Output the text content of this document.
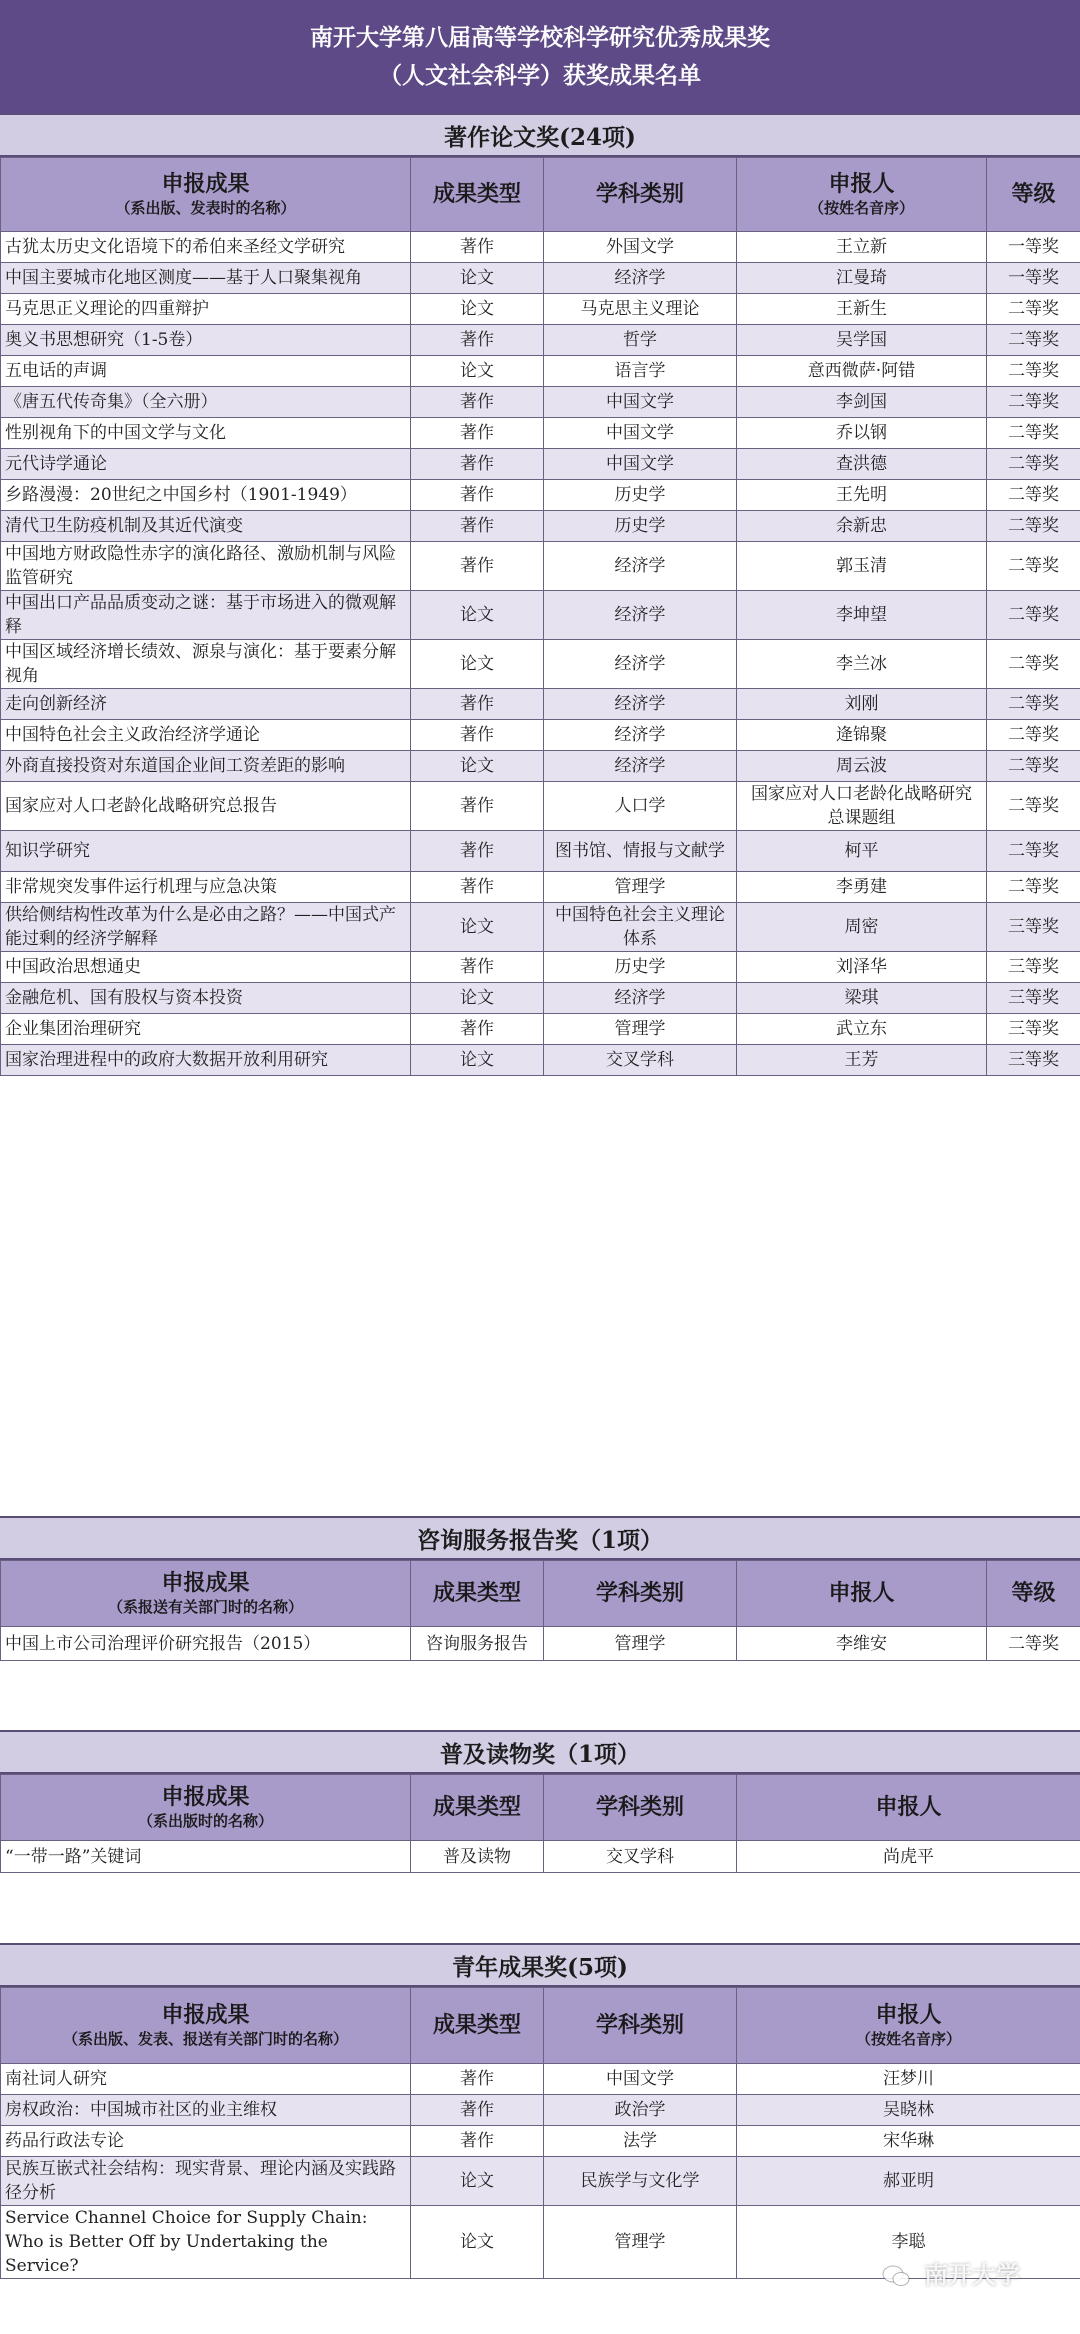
南开大学第八届高等学校科学研究优秀成果奖
（人文社会科学）获奖成果名单
著作论文奖(24项)
申报成果
（系出版、发表时的名称）	成果类型	学科类别	申报人
（按姓名音序）	等级

古犹太历史文化语境下的希伯来圣经文学研究	著作	外国文学	王立新	一等奖
中国主要城市化地区测度——基于人口聚集视角	论文	经济学	江曼琦	一等奖
马克思正义理论的四重辩护	论文	马克思主义理论	王新生	二等奖
奥义书思想研究（1-5卷）	著作	哲学	吴学国	二等奖
五电话的声调	论文	语言学	意西微萨·阿错	二等奖
《唐五代传奇集》（全六册）	著作	中国文学	李剑国	二等奖
性别视角下的中国文学与文化	著作	中国文学	乔以钢	二等奖
元代诗学通论	著作	中国文学	查洪德	二等奖
乡路漫漫：20世纪之中国乡村（1901-1949）	著作	历史学	王先明	二等奖
清代卫生防疫机制及其近代演变	著作	历史学	余新忠	二等奖
中国地方财政隐性赤字的演化路径、激励机制与风险监管研究	著作	经济学	郭玉清	二等奖
中国出口产品品质变动之谜：基于市场进入的微观解释	论文	经济学	李坤望	二等奖
中国区域经济增长绩效、源泉与演化：基于要素分解视角	论文	经济学	李兰冰	二等奖
走向创新经济	著作	经济学	刘刚	二等奖
中国特色社会主义政治经济学通论	著作	经济学	逄锦聚	二等奖
外商直接投资对东道国企业间工资差距的影响	论文	经济学	周云波	二等奖
国家应对人口老龄化战略研究总报告	著作	人口学	国家应对人口老龄化战略研究总课题组	二等奖
知识学研究	著作	图书馆、情报与文献学	柯平	二等奖
非常规突发事件运行机理与应急决策	著作	管理学	李勇建	二等奖
供给侧结构性改革为什么是必由之路？——中国式产能过剩的经济学解释	论文	中国特色社会主义理论体系	周密	三等奖
中国政治思想通史	著作	历史学	刘泽华	三等奖
金融危机、国有股权与资本投资	论文	经济学	梁琪	三等奖
企业集团治理研究	著作	管理学	武立东	三等奖
国家治理进程中的政府大数据开放利用研究	论文	交叉学科	王芳	三等奖
咨询服务报告奖（1项）
申报成果
（系报送有关部门时的名称）	成果类型	学科类别	申报人	等级

中国上市公司治理评价研究报告（2015）	咨询服务报告	管理学	李维安	二等奖
普及读物奖（1项）
申报成果
（系出版时的名称）	成果类型	学科类别	申报人

“一带一路”关键词	普及读物	交叉学科	尚虎平
青年成果奖(5项)
申报成果
（系出版、发表、报送有关部门时的名称）	成果类型	学科类别	申报人
（按姓名音序）

南社词人研究	著作	中国文学	汪梦川
房权政治：中国城市社区的业主维权	著作	政治学	吴晓林
药品行政法专论	著作	法学	宋华琳
民族互嵌式社会结构：现实背景、理论内涵及实践路径分析	论文	民族学与文化学	郝亚明
Service Channel Choice for Supply Chain: Who is Better Off by Undertaking the Service?	论文	管理学	李聪
南开大学
